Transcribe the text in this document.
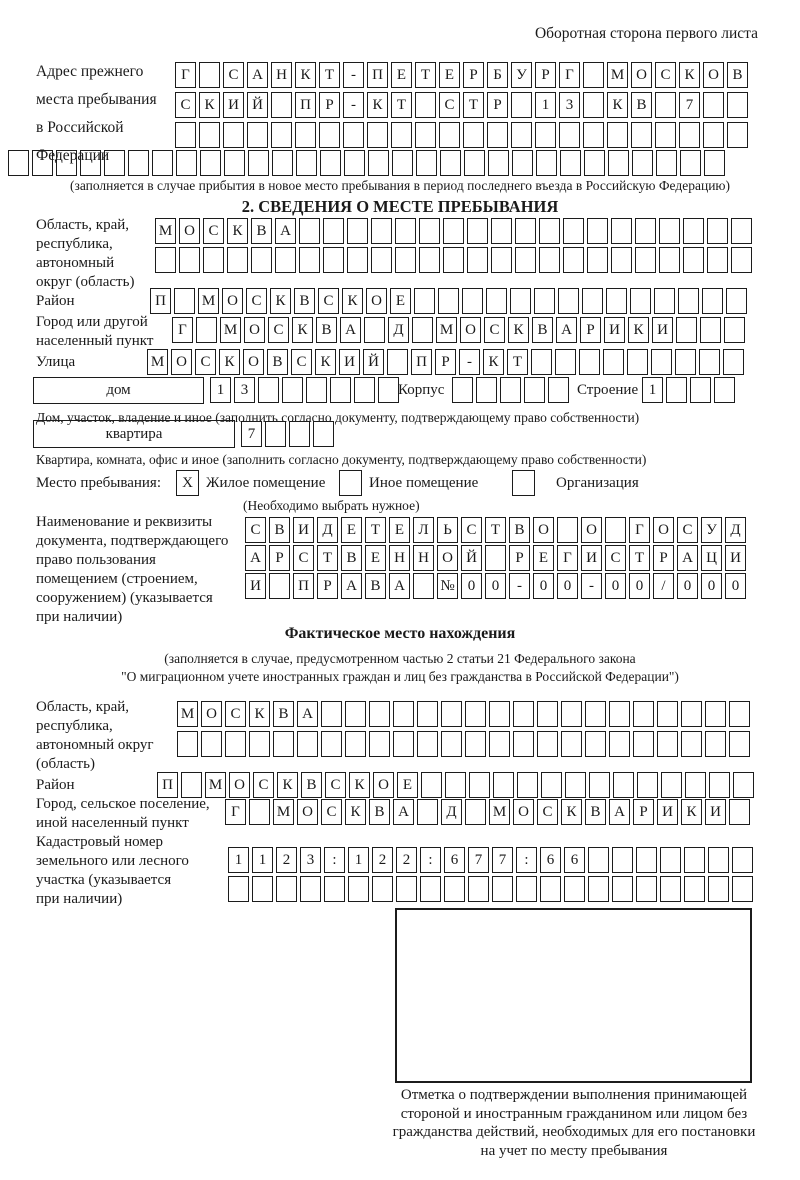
Оборотная сторона первого листа
Адрес прежнего
места пребывания
в Российской
Федерации
Г	С А Н К Т	-	П Е Т Е	Р	Б У Р	Г	М О С К О В
С К И Й	П Р	-	К Т	С Т	Р	1	3	К В	7
(заполняется в случае прибытия в новое место пребывания в период последнего въезда в Российскую Федерацию)
2. СВЕДЕНИЯ О МЕСТЕ ПРЕБЫВАНИЯ
Область, край,
республика,
автономный
округ (область)
М О С К В А
Район	П	М О С К В С К О Е
Город или другой
населенный пункт
Г	М О С К В А	Д	М О С К В А Р И К И
Улица	М О С К О В С К И Й	П Р	-	К Т
дом	1	3	Корпус	Строение 1
Дом, участок, владение и иное (заполнить согласно документу, подтверждающему право собственности)
квартира	7
Квартира, комната, офис и иное (заполнить согласно документу, подтверждающему право собственности)
Место пребывания:	X Жилое помещение	Иное помещение	Организация
(Необходимо выбрать нужное)
Наименование и реквизиты
документа, подтверждающего
право пользования
помещением (строением,
сооружением) (указывается
при наличии)
С В И Д Е Т Е Л Ь С Т В О	О	Г О С У Д
А Р С Т В Е Н Н О Й	Р	Е	Г И С Т	Р А Ц И
И	П Р А В А	№ 0	0	-	0	0	-	0	0	/	0	0	0
Фактическое место нахождения
(заполняется в случае, предусмотренном частью 2 статьи 21 Федерального закона
"О миграционном учете иностранных граждан и лиц без гражданства в Российской Федерации")
Область, край,
республика,
автономный округ
(область)
М О С К В А
Район	П	М О С К В С К О Е
Город, сельское поселение,
иной населенный пункт
Г	М О С К В А	Д	М О С К В А Р И К И
Кадастровый номер
земельного или лесного
участка (указывается
при наличии)
1	1	2	3	:	1	2	2	:	6	7	7	:	6	6
Отметка о подтверждении выполнения принимающей
стороной и иностранным гражданином или лицом без
гражданства действий, необходимых для его постановки
на учет по месту пребывания
